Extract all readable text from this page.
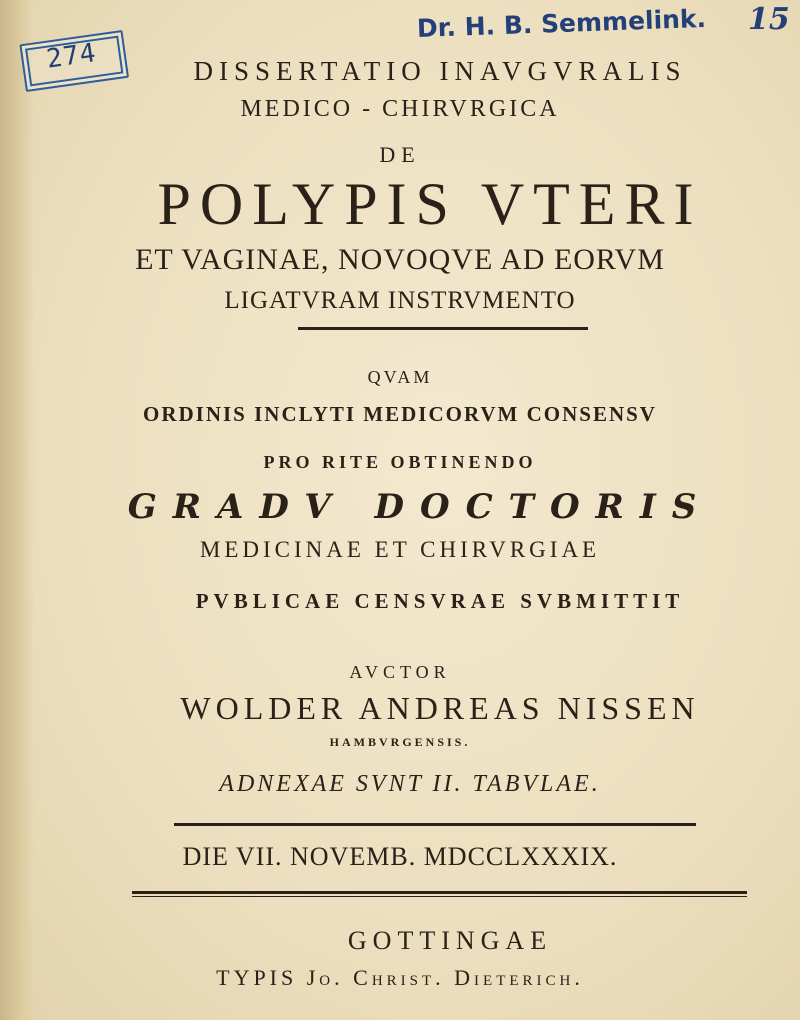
274
Dr. H. B. Semmelink. 15
DISSERTATIO INAVGVRALIS
MEDICO - CHIRVRGICA
DE
POLYPIS VTERI
ET VAGINAE, NOVOQVE AD EORVM
LIGATVRAM INSTRVMENTO
QVAM
ORDINIS INCLYTI MEDICORVM CONSENSV
PRO RITE OBTINENDO
GRADV DOCTORIS
MEDICINAE ET CHIRVRGIAE
PVBLICAE CENSVRAE SVBMITTIT
AVCTOR
WOLDER ANDREAS NISSEN
HAMBVRGENSIS.
ADNEXAE SVNT II. TABVLAE.
DIE VII. NOVEMB. MDCCLXXXIX.
GOTTINGAE
TYPIS Jo. Christ. Dieterich.
